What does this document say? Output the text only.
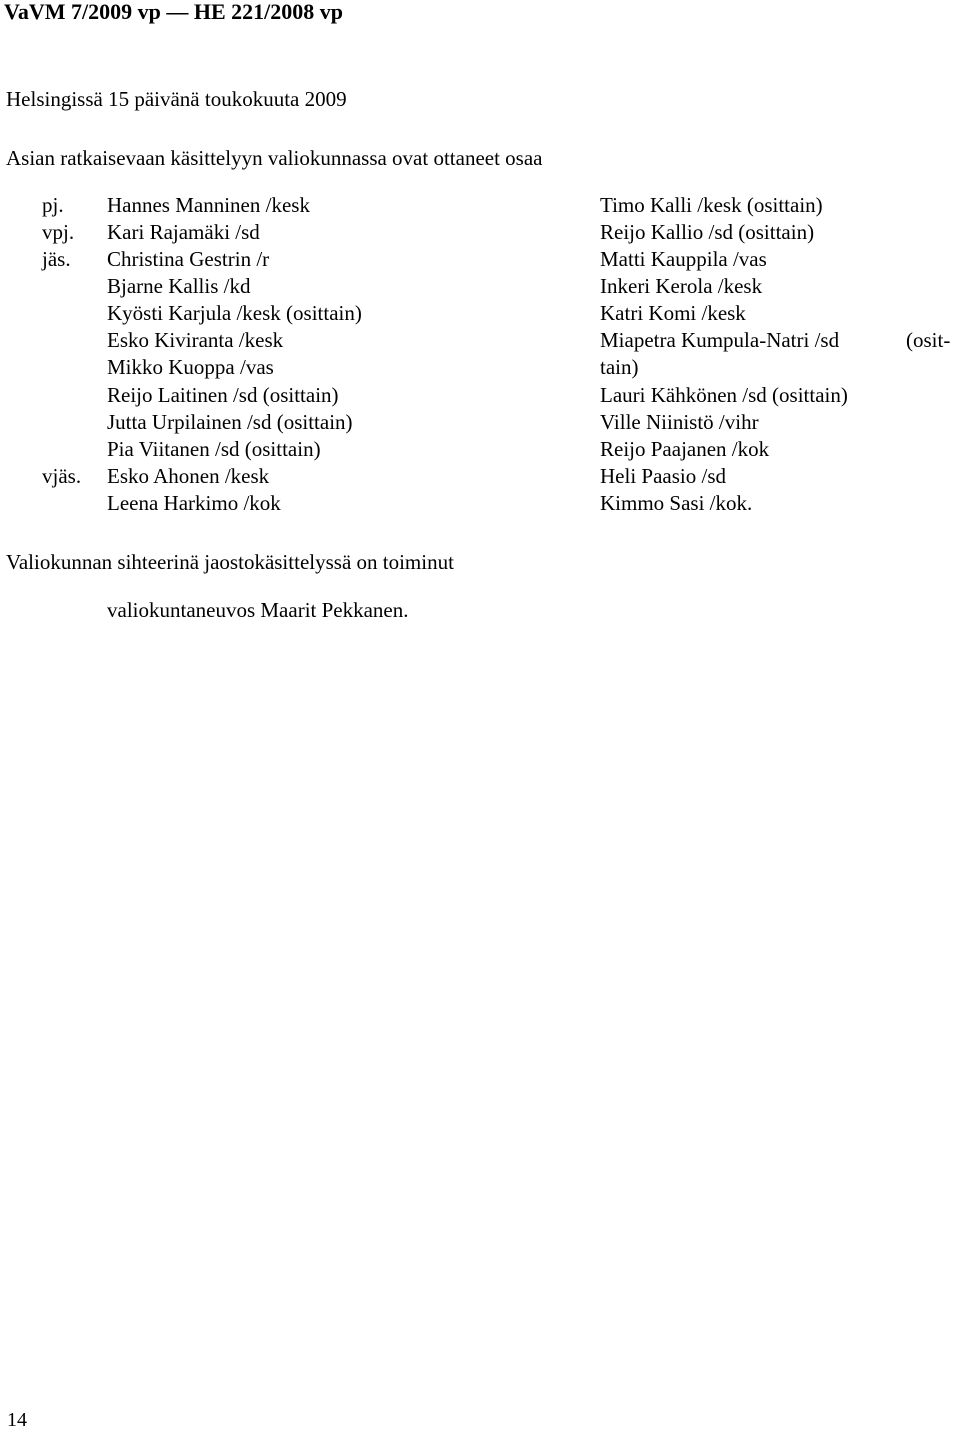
VaVM 7/2009 vp — HE 221/2008 vp
Helsingissä 15 päivänä toukokuuta 2009
Asian ratkaisevaan käsittelyyn valiokunnassa ovat ottaneet osaa
pj.
vpj.
jäs.
vjäs.
Hannes Manninen /kesk
Kari Rajamäki /sd
Christina Gestrin /r
Bjarne Kallis /kd
Kyösti Karjula /kesk (osittain)
Esko Kiviranta /kesk
Mikko Kuoppa /vas
Reijo Laitinen /sd (osittain)
Jutta Urpilainen /sd (osittain)
Pia Viitanen /sd (osittain)
Esko Ahonen /kesk
Leena Harkimo /kok
Timo Kalli /kesk (osittain)
Reijo Kallio /sd (osittain)
Matti Kauppila /vas
Inkeri Kerola /kesk
Katri Komi /kesk
Miapetra Kumpula-Natri /sd	(osit-
tain)
Lauri Kähkönen /sd (osittain)
Ville Niinistö /vihr
Reijo Paajanen /kok
Heli Paasio /sd
Kimmo Sasi /kok.
Valiokunnan sihteerinä jaostokäsittelyssä on toiminut
valiokuntaneuvos Maarit Pekkanen.
14
